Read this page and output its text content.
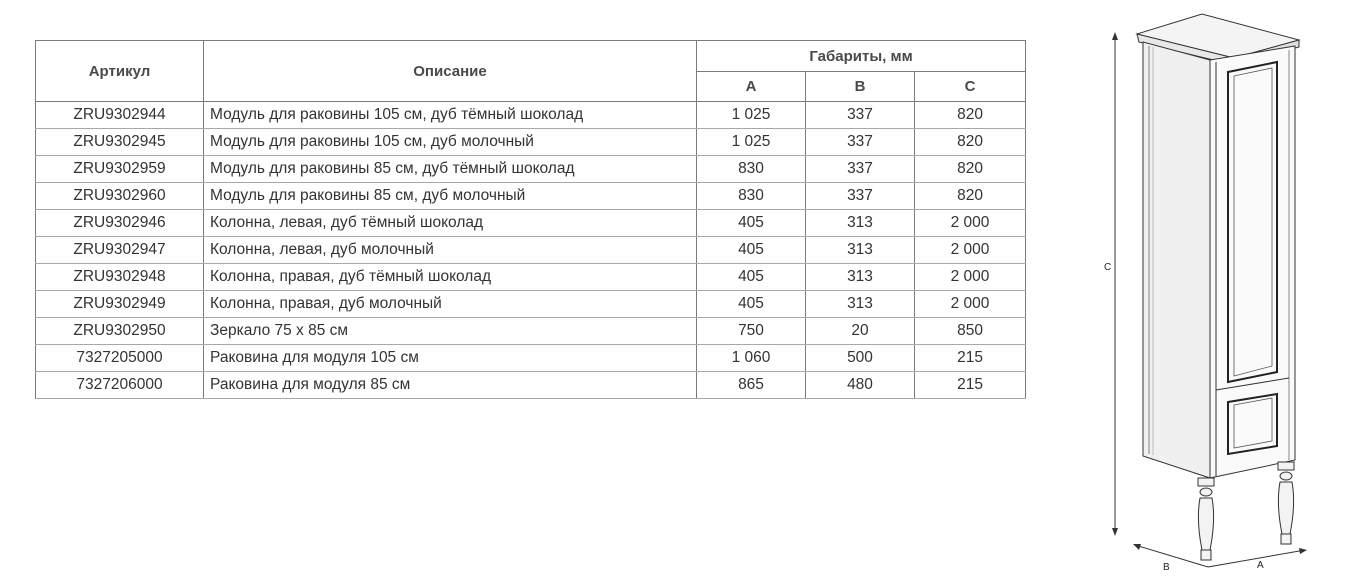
Артикул	Описание	Габариты, мм		
		A	B	C
ZRU9302944	Модуль для раковины 105 см, дуб тёмный шоколад	1 025	337	820
ZRU9302945	Модуль для раковины 105 см, дуб молочный	1 025	337	820
ZRU9302959	Модуль для раковины 85 см, дуб тёмный шоколад	830	337	820
ZRU9302960	Модуль для раковины 85 см, дуб молочный	830	337	820
ZRU9302946	Колонна, левая, дуб тёмный шоколад	405	313	2 000
ZRU9302947	Колонна, левая, дуб молочный	405	313	2 000
ZRU9302948	Колонна, правая, дуб тёмный шоколад	405	313	2 000
ZRU9302949	Колонна, правая, дуб молочный	405	313	2 000
ZRU9302950	Зеркало 75 х 85 см	750	20	850
7327205000	Раковина для модуля 105 см	1 060	500	215
7327206000	Раковина для модуля 85 см	865	480	215
C
B	A
